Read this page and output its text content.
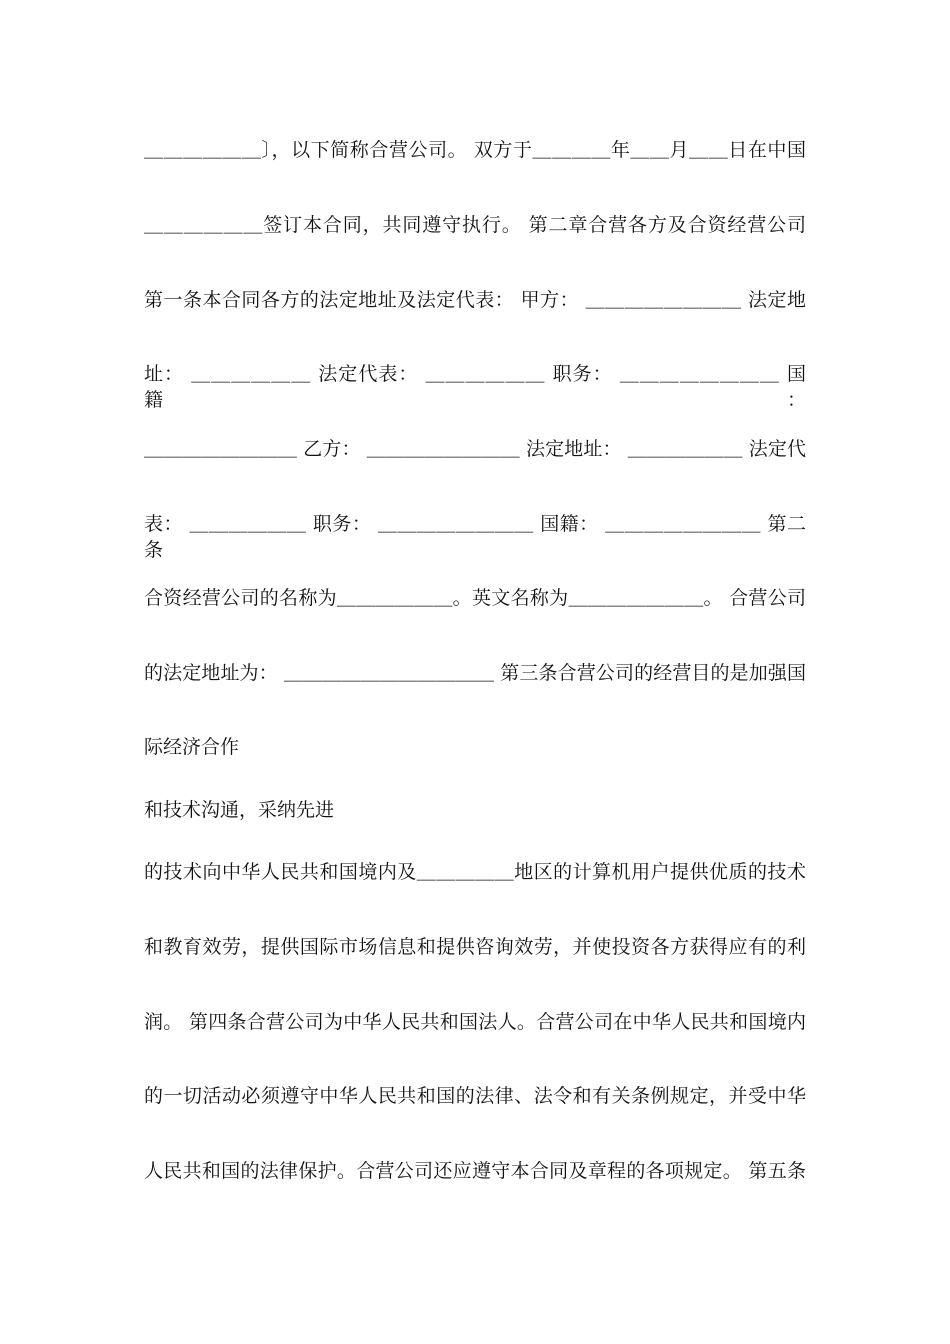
＿＿＿＿＿＿〕，以下简称合营公司。 双方于＿＿＿＿年＿＿月＿＿日在中国
＿＿＿＿＿＿签订本合同，共同遵守执行。 第二章合营各方及合资经营公司
第一条本合同各方的法定地址及法定代表： 甲方： ＿＿＿＿＿＿＿＿ 法定地
址： ＿＿＿＿＿＿ 法定代表： ＿＿＿＿＿＿ 职务： ＿＿＿＿＿＿＿＿ 国籍：
＿＿＿＿＿＿＿＿ 乙方： ＿＿＿＿＿＿＿＿ 法定地址： ＿＿＿＿＿＿ 法定代
表： ＿＿＿＿＿＿ 职务： ＿＿＿＿＿＿＿＿ 国籍： ＿＿＿＿＿＿＿＿ 第二条
合资经营公司的名称为＿＿＿＿＿＿。英文名称为＿＿＿＿＿＿＿。 合营公司
的法定地址为： ＿＿＿＿＿＿＿＿＿＿＿ 第三条合营公司的经营目的是加强国
际经济合作
和技术沟通，采纳先进
的技术向中华人民共和国境内及＿＿＿＿＿地区的计算机用户提供优质的技术
和教育效劳，提供国际市场信息和提供咨询效劳，并使投资各方获得应有的利
润。 第四条合营公司为中华人民共和国法人。合营公司在中华人民共和国境内
的一切活动必须遵守中华人民共和国的法律、法令和有关条例规定，并受中华
人民共和国的法律保护。合营公司还应遵守本合同及章程的各项规定。 第五条
